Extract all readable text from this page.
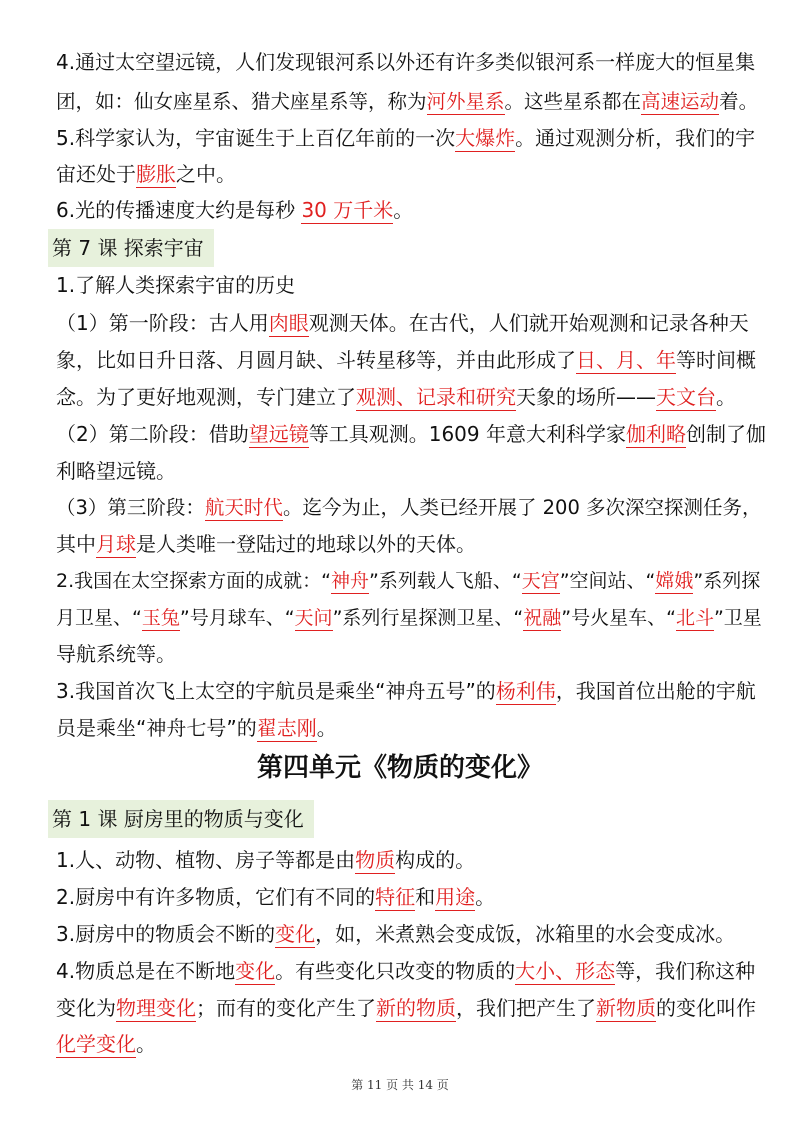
4.通过太空望远镜，人们发现银河系以外还有许多类似银河系一样庞大的恒星集
团，如：仙女座星系、猎犬座星系等，称为河外星系。这些星系都在高速运动着。
5.科学家认为，宇宙诞生于上百亿年前的一次大爆炸。通过观测分析，我们的宇
宙还处于膨胀之中。
6.光的传播速度大约是每秒 30 万千米。
第 7 课 探索宇宙
1.了解人类探索宇宙的历史
（1）第一阶段：古人用肉眼观测天体。在古代，人们就开始观测和记录各种天
象，比如日升日落、月圆月缺、斗转星移等，并由此形成了日、月、年等时间概
念。为了更好地观测，专门建立了观测、记录和研究天象的场所——天文台。
（2）第二阶段：借助望远镜等工具观测。1609 年意大利科学家伽利略创制了伽
利略望远镜。
（3）第三阶段：航天时代。迄今为止，人类已经开展了 200 多次深空探测任务，
其中月球是人类唯一登陆过的地球以外的天体。
2.我国在太空探索方面的成就：“神舟”系列载人飞船、“天宫”空间站、“嫦娥”系列探
月卫星、“玉兔”号月球车、“天问”系列行星探测卫星、“祝融”号火星车、“北斗”卫星
导航系统等。
3.我国首次飞上太空的宇航员是乘坐“神舟五号”的杨利伟，我国首位出舱的宇航
员是乘坐“神舟七号”的翟志刚。
第四单元《物质的变化》
第 1 课 厨房里的物质与变化
1.人、动物、植物、房子等都是由物质构成的。
2.厨房中有许多物质，它们有不同的特征和用途。
3.厨房中的物质会不断的变化，如，米煮熟会变成饭，冰箱里的水会变成冰。
4.物质总是在不断地变化。有些变化只改变的物质的大小、形态等，我们称这种
变化为物理变化；而有的变化产生了新的物质，我们把产生了新物质的变化叫作
化学变化。
第 11 页 共 14 页
